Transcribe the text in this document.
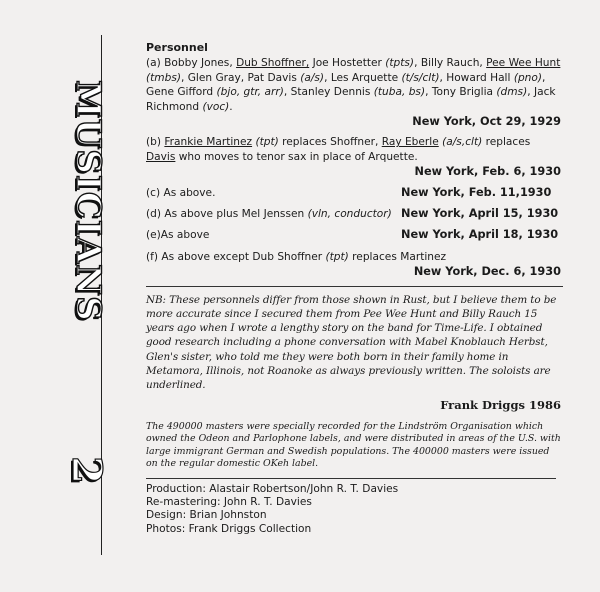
MUSICIANS
2
Personnel

(a) Bobby Jones, Dub Shoffner, Joe Hostetter (tpts), Billy Rauch, Pee Wee Hunt (tmbs), Glen Gray, Pat Davis (a/s), Les Arquette (t/s/clt), Howard Hall (pno), Gene Gifford (bjo, gtr, arr), Stanley Dennis (tuba, bs), Tony Briglia (dms), Jack Richmond (voc).

New York, Oct 29, 1929

(b) Frankie Martinez (tpt) replaces Shoffner, Ray Eberle (a/s,clt) replaces Davis who moves to tenor sax in place of Arquette.

New York, Feb. 6, 1930
(c) As above.	New York, Feb. 11,1930
(d) As above plus Mel Jenssen (vln, conductor) New York, April 15, 1930
(e)As above	New York, April 18, 1930

(f) As above except Dub Shoffner (tpt) replaces Martinez

New York, Dec. 6, 1930

NB: These personnels differ from those shown in Rust, but I believe them to be more accurate since I secured them from Pee Wee Hunt and Billy Rauch 15 years ago when I wrote a lengthy story on the band for Time-Life. I obtained good research including a phone conversation with Mabel Knoblauch Herbst, Glen's sister, who told me they were both born in their family home in Metamora, Illinois, not Roanoke as always previously written. The soloists are underlined.

Frank Driggs 1986

The 490000 masters were specially recorded for the Lindström Organisation which owned the Odeon and Parlophone labels, and were distributed in areas of the U.S. with large immigrant German and Swedish populations. The 400000 masters were issued on the regular domestic OKeh label.

Production: Alastair Robertson/John R. T. Davies
Re-mastering: John R. T. Davies
Design: Brian Johnston
Photos: Frank Driggs Collection
